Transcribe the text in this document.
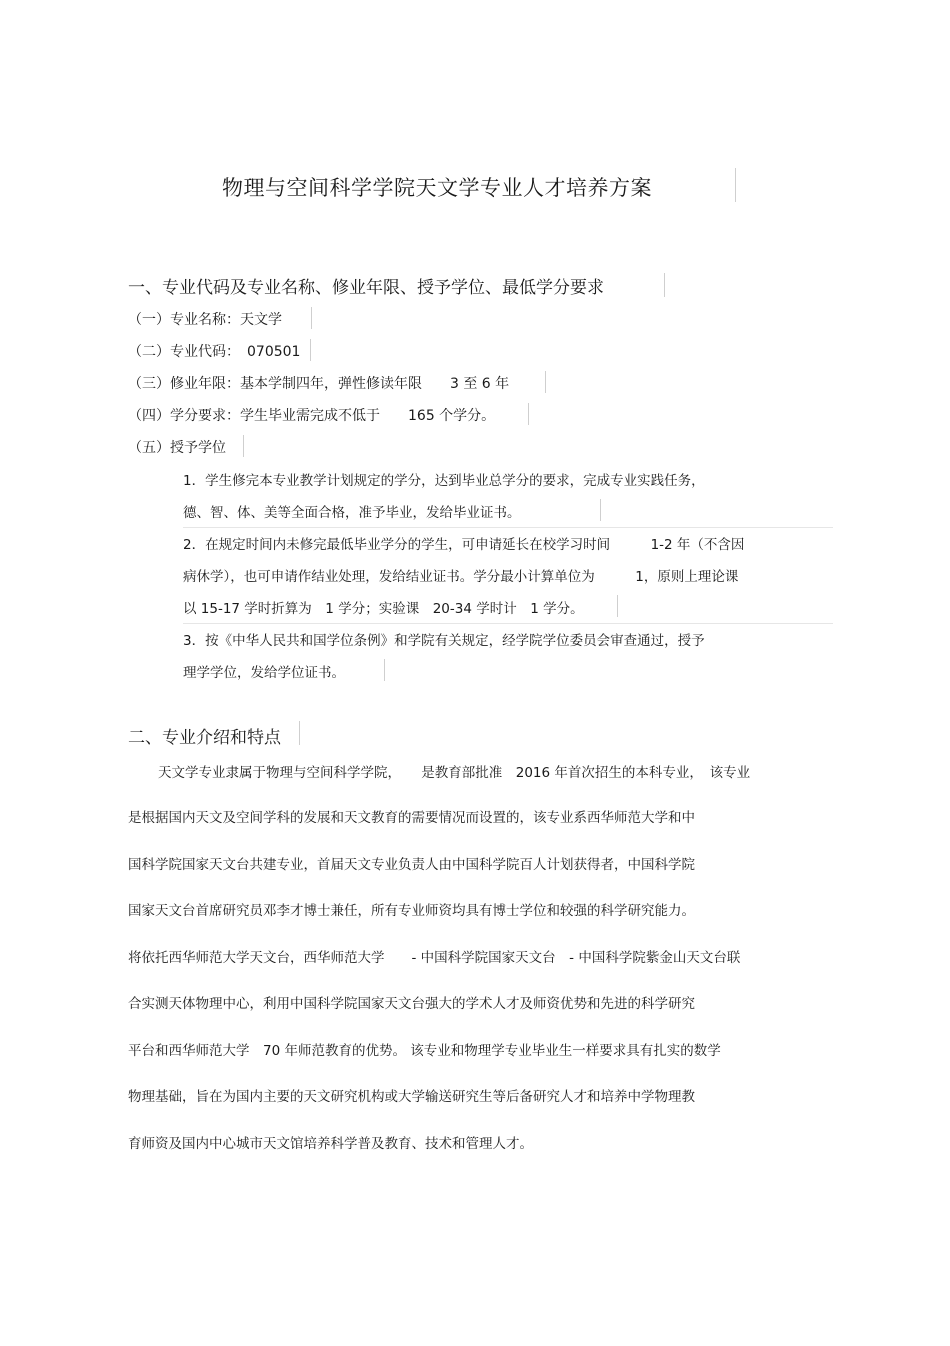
物理与空间科学学院天文学专业人才培养方案
一、专业代码及专业名称、修业年限、授予学位、最低学分要求
（一）专业名称：天文学
（二）专业代码：　070501
（三）修业年限：基本学制四年，弹性修读年限　　3 至 6 年
（四）学分要求：学生毕业需完成不低于　　165 个学分。
（五）授予学位
1．学生修完本专业教学计划规定的学分，达到毕业总学分的要求，完成专业实践任务，
德、智、体、美等全面合格，准予毕业，发给毕业证书。
2．在规定时间内未修完最低毕业学分的学生，可申请延长在校学习时间　　　1-2 年（不含因
病休学），也可申请作结业处理，发给结业证书。学分最小计算单位为　　　1，原则上理论课
以 15-17 学时折算为　1 学分；实验课　20-34 学时计　1 学分。
3．按《中华人民共和国学位条例》和学院有关规定，经学院学位委员会审查通过，授予
理学学位，发给学位证书。
二、专业介绍和特点
天文学专业隶属于物理与空间科学学院，　　是教育部批准　2016 年首次招生的本科专业，　该专业
是根据国内天文及空间学科的发展和天文教育的需要情况而设置的，该专业系西华师范大学和中
国科学院国家天文台共建专业，首届天文专业负责人由中国科学院百人计划获得者，中国科学院
国家天文台首席研究员邓李才博士兼任，所有专业师资均具有博士学位和较强的科学研究能力。
将依托西华师范大学天文台，西华师范大学　　- 中国科学院国家天文台　- 中国科学院紫金山天文台联
合实测天体物理中心，利用中国科学院国家天文台强大的学术人才及师资优势和先进的科学研究
平台和西华师范大学　70 年师范教育的优势。 该专业和物理学专业毕业生一样要求具有扎实的数学
物理基础，旨在为国内主要的天文研究机构或大学输送研究生等后备研究人才和培养中学物理教
育师资及国内中心城市天文馆培养科学普及教育、技术和管理人才。
